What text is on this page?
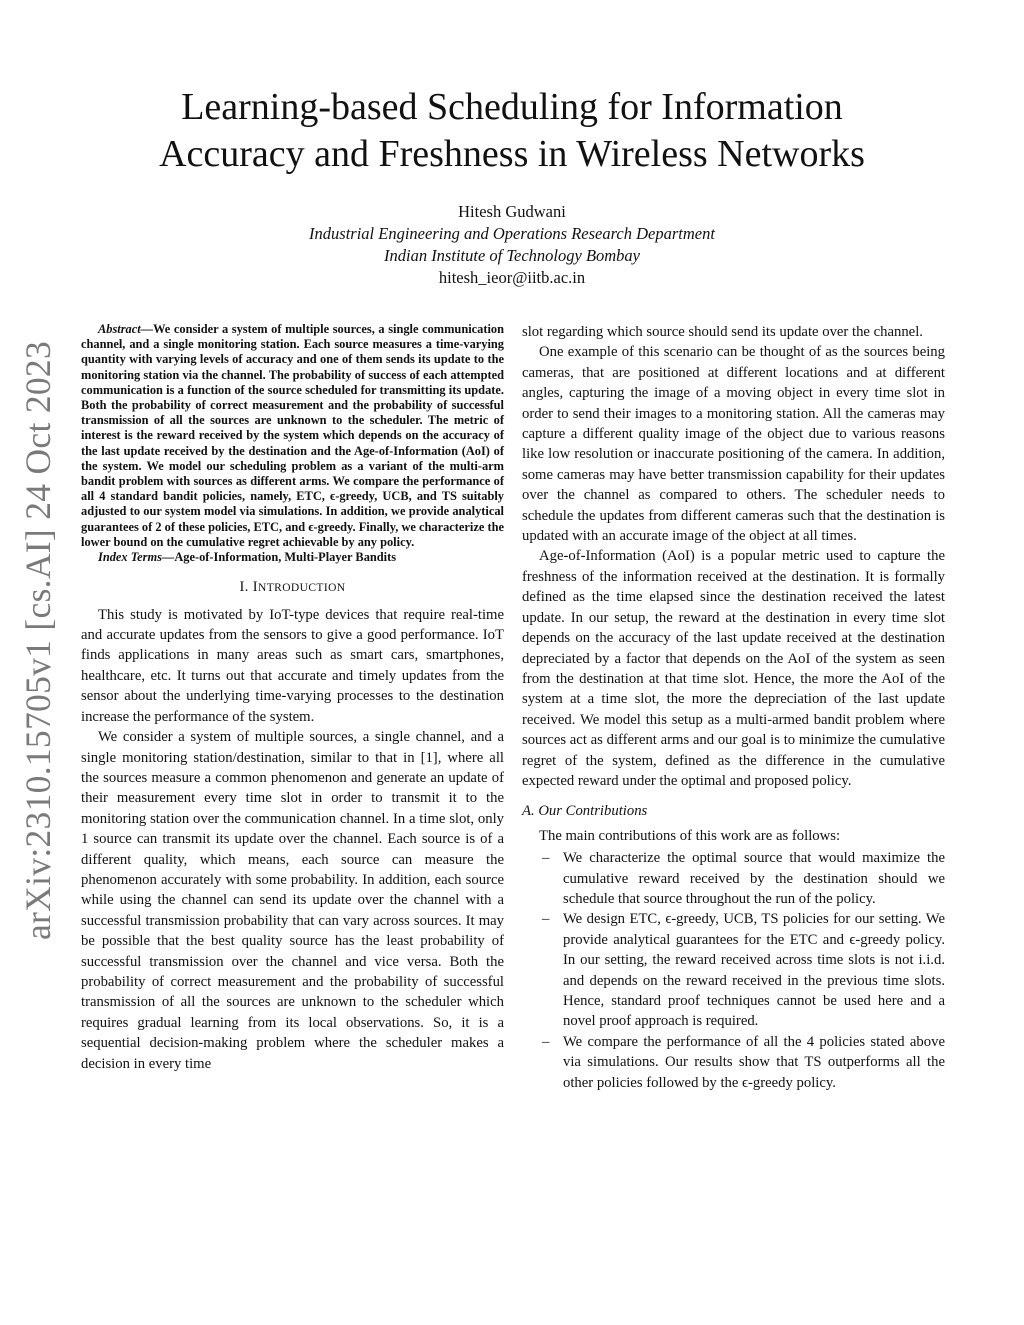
arXiv:2310.15705v1 [cs.AI] 24 Oct 2023
Learning-based Scheduling for Information
Accuracy and Freshness in Wireless Networks
Hitesh Gudwani
Industrial Engineering and Operations Research Department
Indian Institute of Technology Bombay
hitesh_ieor@iitb.ac.in

Abstract—We consider a system of multiple sources, a single communication channel, and a single monitoring station. Each source measures a time-varying quantity with varying levels of accuracy and one of them sends its update to the monitoring station via the channel. The probability of success of each attempted communication is a function of the source scheduled for transmitting its update. Both the probability of correct measurement and the probability of successful transmission of all the sources are unknown to the scheduler. The metric of interest is the reward received by the system which depends on the accuracy of the last update received by the destination and the Age-of-Information (AoI) of the system. We model our scheduling problem as a variant of the multi-arm bandit problem with sources as different arms. We compare the performance of all 4 standard bandit policies, namely, ETC, ϵ-greedy, UCB, and TS suitably adjusted to our system model via simulations. In addition, we provide analytical guarantees of 2 of these policies, ETC, and ϵ-greedy. Finally, we characterize the lower bound on the cumulative regret achievable by any policy.

Index Terms—Age-of-Information, Multi-Player Bandits
I. INTRODUCTION

This study is motivated by IoT-type devices that require real-time and accurate updates from the sensors to give a good performance. IoT finds applications in many areas such as smart cars, smartphones, healthcare, etc. It turns out that accurate and timely updates from the sensor about the underlying time-varying processes to the destination increase the performance of the system.

We consider a system of multiple sources, a single channel, and a single monitoring station/destination, similar to that in [1], where all the sources measure a common phenomenon and generate an update of their measurement every time slot in order to transmit it to the monitoring station over the communication channel. In a time slot, only 1 source can transmit its update over the channel. Each source is of a different quality, which means, each source can measure the phenomenon accurately with some probability. In addition, each source while using the channel can send its update over the channel with a successful transmission probability that can vary across sources. It may be possible that the best quality source has the least probability of successful transmission over the channel and vice versa. Both the probability of correct measurement and the probability of successful transmission of all the sources are unknown to the scheduler which requires gradual learning from its local observations. So, it is a sequential decision-making problem where the scheduler makes a decision in every time

slot regarding which source should send its update over the channel.

One example of this scenario can be thought of as the sources being cameras, that are positioned at different locations and at different angles, capturing the image of a moving object in every time slot in order to send their images to a monitoring station. All the cameras may capture a different quality image of the object due to various reasons like low resolution or inaccurate positioning of the camera. In addition, some cameras may have better transmission capability for their updates over the channel as compared to others. The scheduler needs to schedule the updates from different cameras such that the destination is updated with an accurate image of the object at all times.

Age-of-Information (AoI) is a popular metric used to capture the freshness of the information received at the destination. It is formally defined as the time elapsed since the destination received the latest update. In our setup, the reward at the destination in every time slot depends on the accuracy of the last update received at the destination depreciated by a factor that depends on the AoI of the system as seen from the destination at that time slot. Hence, the more the AoI of the system at a time slot, the more the depreciation of the last update received. We model this setup as a multi-armed bandit problem where sources act as different arms and our goal is to minimize the cumulative regret of the system, defined as the difference in the cumulative expected reward under the optimal and proposed policy.

A. Our Contributions

The main contributions of this work are as follows:

– We characterize the optimal source that would maximize the cumulative reward received by the destination should we schedule that source throughout the run of the policy.
– We design ETC, ϵ-greedy, UCB, TS policies for our setting. We provide analytical guarantees for the ETC and ϵ-greedy policy. In our setting, the reward received across time slots is not i.i.d. and depends on the reward received in the previous time slots. Hence, standard proof techniques cannot be used here and a novel proof approach is required.
– We compare the performance of all the 4 policies stated above via simulations. Our results show that TS outperforms all the other policies followed by the ϵ-greedy policy.
